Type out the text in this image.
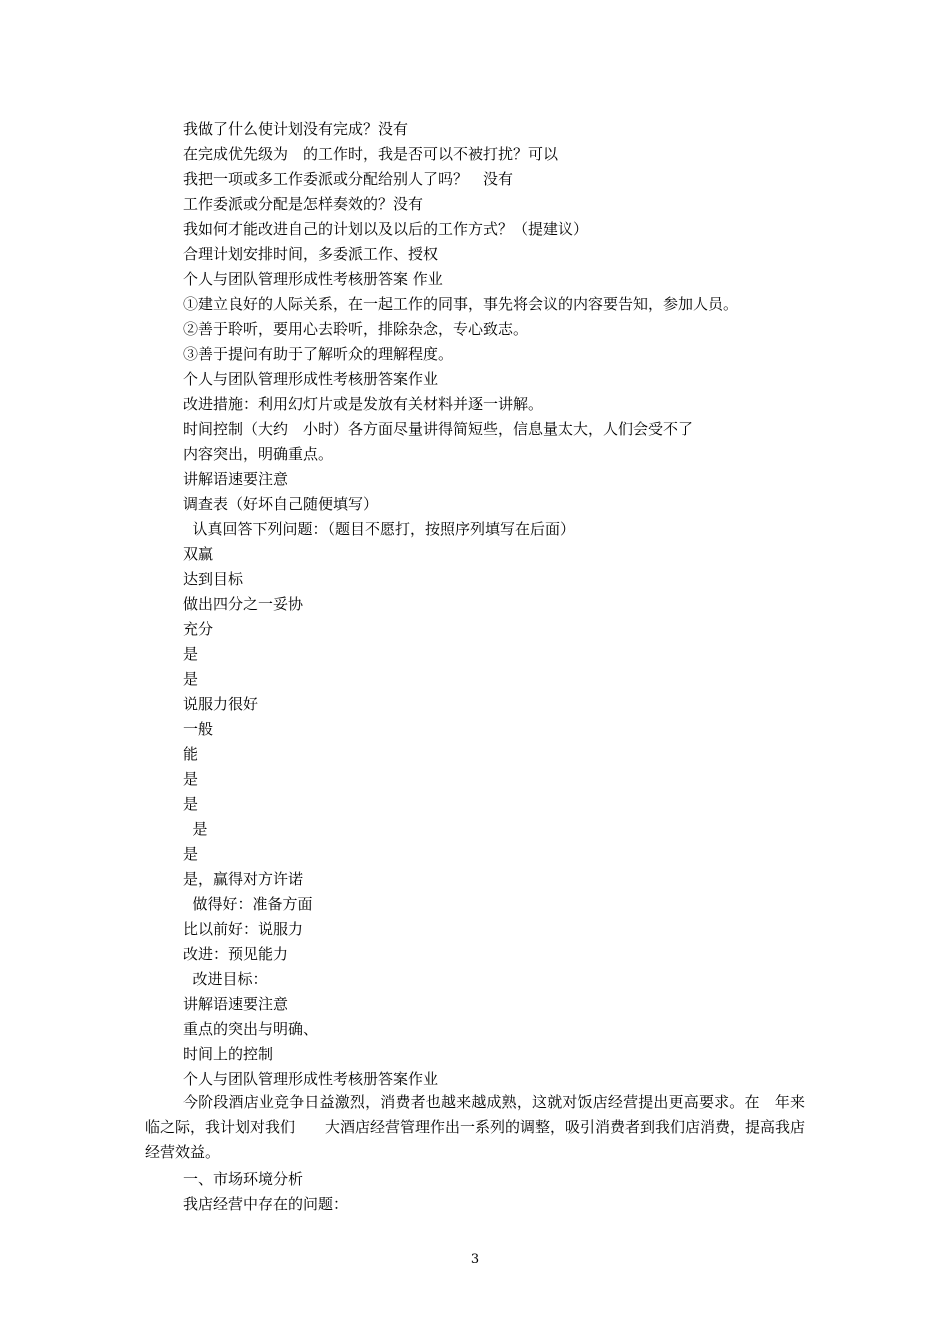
我做了什么使计划没有完成？没有
在完成优先级为　的工作时，我是否可以不被打扰？可以
我把一项或多工作委派或分配给别人了吗？　没有
工作委派或分配是怎样奏效的？没有
我如何才能改进自己的计划以及以后的工作方式？（提建议）
合理计划安排时间，多委派工作、授权
个人与团队管理形成性考核册答案 作业
①建立良好的人际关系，在一起工作的同事，事先将会议的内容要告知，参加人员。
②善于聆听，要用心去聆听，排除杂念，专心致志。
③善于提问有助于了解听众的理解程度。
个人与团队管理形成性考核册答案作业
改进措施：利用幻灯片或是发放有关材料并逐一讲解。
时间控制（大约　小时）各方面尽量讲得简短些，信息量太大，人们会受不了
内容突出，明确重点。
讲解语速要注意
调查表（好坏自己随便填写）
认真回答下列问题：（题目不愿打，按照序列填写在后面）
双赢
达到目标
做出四分之一妥协
充分
是
是
说服力很好
一般
能
是
是
是
是
是，赢得对方许诺
做得好：准备方面
比以前好：说服力
改进：预见能力
改进目标：
讲解语速要注意
重点的突出与明确、
时间上的控制
个人与团队管理形成性考核册答案作业
今阶段酒店业竞争日益激烈，消费者也越来越成熟，这就对饭店经营提出更高要求。在　年来临之际，我计划对我们　　大酒店经营管理作出一系列的调整，吸引消费者到我们店消费，提高我店经营效益。
一、市场环境分析
我店经营中存在的问题：
3
